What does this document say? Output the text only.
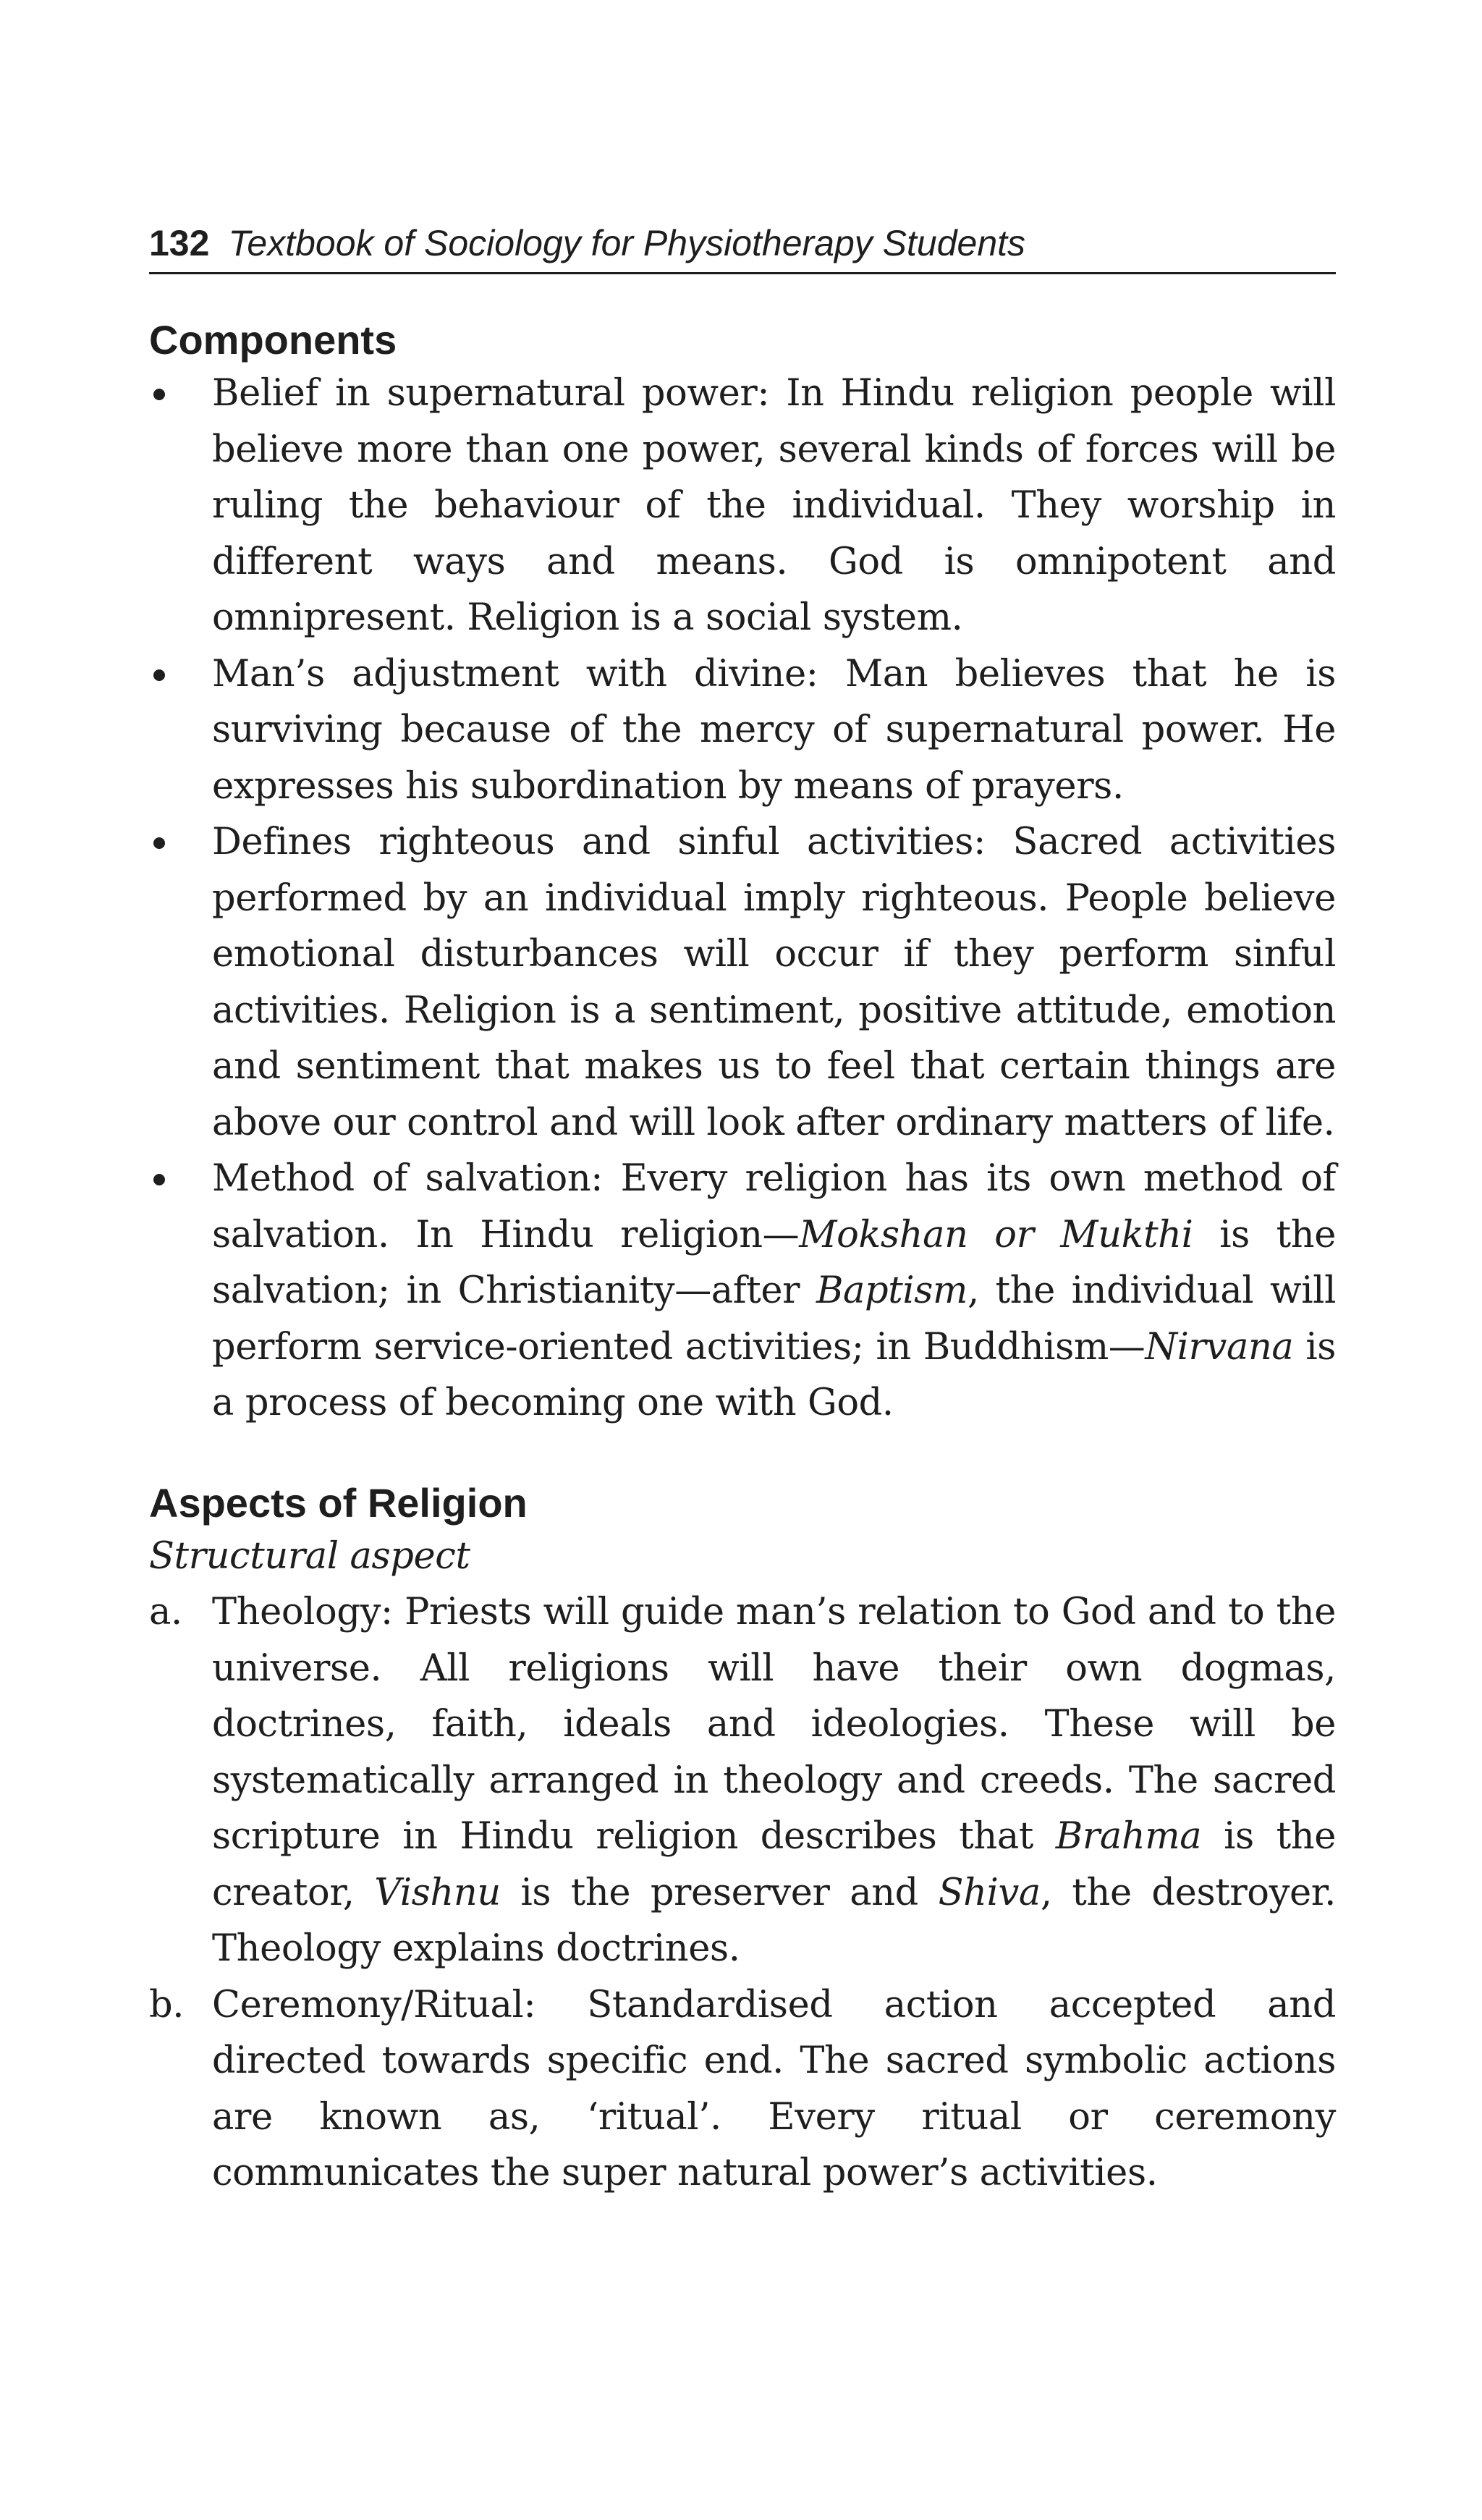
132 Textbook of Sociology for Physiotherapy Students
Components
Belief in supernatural power: In Hindu religion people will believe more than one power, several kinds of forces will be ruling the behaviour of the individual. They worship in different ways and means. God is omnipotent and omnipresent. Religion is a social system.
Man’s adjustment with divine: Man believes that he is surviving because of the mercy of supernatural power. He expresses his subordination by means of prayers.
Defines righteous and sinful activities: Sacred activities performed by an individual imply righteous. People believe emotional disturbances will occur if they perform sinful activities. Religion is a sentiment, positive attitude, emotion and sentiment that makes us to feel that certain things are above our control and will look after ordinary matters of life.
Method of salvation: Every religion has its own method of salvation. In Hindu religion—Mokshan or Mukthi is the salvation; in Christianity—after Baptism, the individual will perform service-oriented activities; in Buddhism—Nirvana is a process of becoming one with God.
Aspects of Religion
Structural aspect
a. Theology: Priests will guide man’s relation to God and to the universe. All religions will have their own dogmas, doctrines, faith, ideals and ideologies. These will be systematically arranged in theology and creeds. The sacred scripture in Hindu religion describes that Brahma is the creator, Vishnu is the preserver and Shiva, the destroyer. Theology explains doctrines.
b. Ceremony/Ritual: Standardised action accepted and directed towards specific end. The sacred symbolic actions are known as, ‘ritual’. Every ritual or ceremony communicates the super natural power’s activities.
